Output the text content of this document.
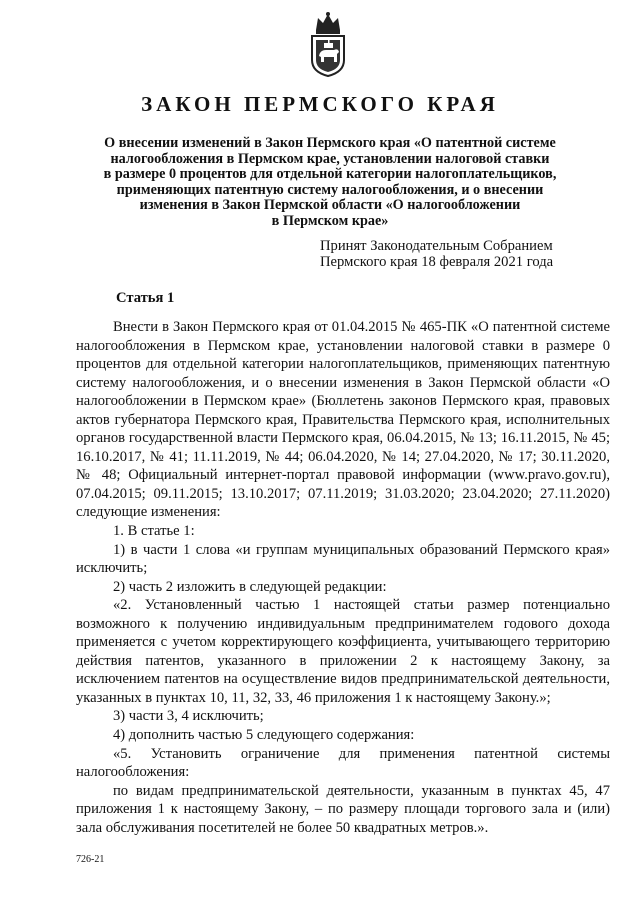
ЗАКОН ПЕРМСКОГО КРАЯ
О внесении изменений в Закон Пермского края «О патентной системе
налогообложения в Пермском крае, установлении налоговой ставки
в размере 0 процентов для отдельной категории налогоплательщиков,
применяющих патентную систему налогообложения, и о внесении
изменения в Закон Пермской области «О налогообложении
в Пермском крае»
Принят Законодательным Собранием
Пермского края 18 февраля 2021 года
Статья 1

Внести в Закон Пермского края от 01.04.2015 № 465-ПК «О патентной системе налогообложения в Пермском крае, установлении налоговой ставки в размере 0 процентов для отдельной категории налогоплательщиков, применяющих патентную систему налогообложения, и о внесении изменения в Закон Пермской области «О налогообложении в Пермском крае» (Бюллетень законов Пермского края, правовых актов губернатора Пермского края, Правительства Пермского края, исполнительных органов государственной власти Пермского края, 06.04.2015, № 13; 16.11.2015, № 45; 16.10.2017, № 41; 11.11.2019, № 44; 06.04.2020, № 14; 27.04.2020, № 17; 30.11.2020, № 48; Официальный интернет-портал правовой информации (www.pravo.gov.ru), 07.04.2015; 09.11.2015; 13.10.2017; 07.11.2019; 31.03.2020; 23.04.2020; 27.11.2020) следующие изменения:

1. В статье 1:

1) в части 1 слова «и группам муниципальных образований Пермского края» исключить;

2) часть 2 изложить в следующей редакции:

«2. Установленный частью 1 настоящей статьи размер потенциально возможного к получению индивидуальным предпринимателем годового дохода применяется с учетом корректирующего коэффициента, учитывающего территорию действия патентов, указанного в приложении 2 к настоящему Закону, за исключением патентов на осуществление видов предпринимательской деятельности, указанных в пунктах 10, 11, 32, 33, 46 приложения 1 к настоящему Закону.»;

3) части 3, 4 исключить;

4) дополнить частью 5 следующего содержания:

«5. Установить ограничение для применения патентной системы налогообложения:

по видам предпринимательской деятельности, указанным в пунктах 45, 47 приложения 1 к настоящему Закону, – по размеру площади торгового зала и (или) зала обслуживания посетителей не более 50 квадратных метров.».

726-21
